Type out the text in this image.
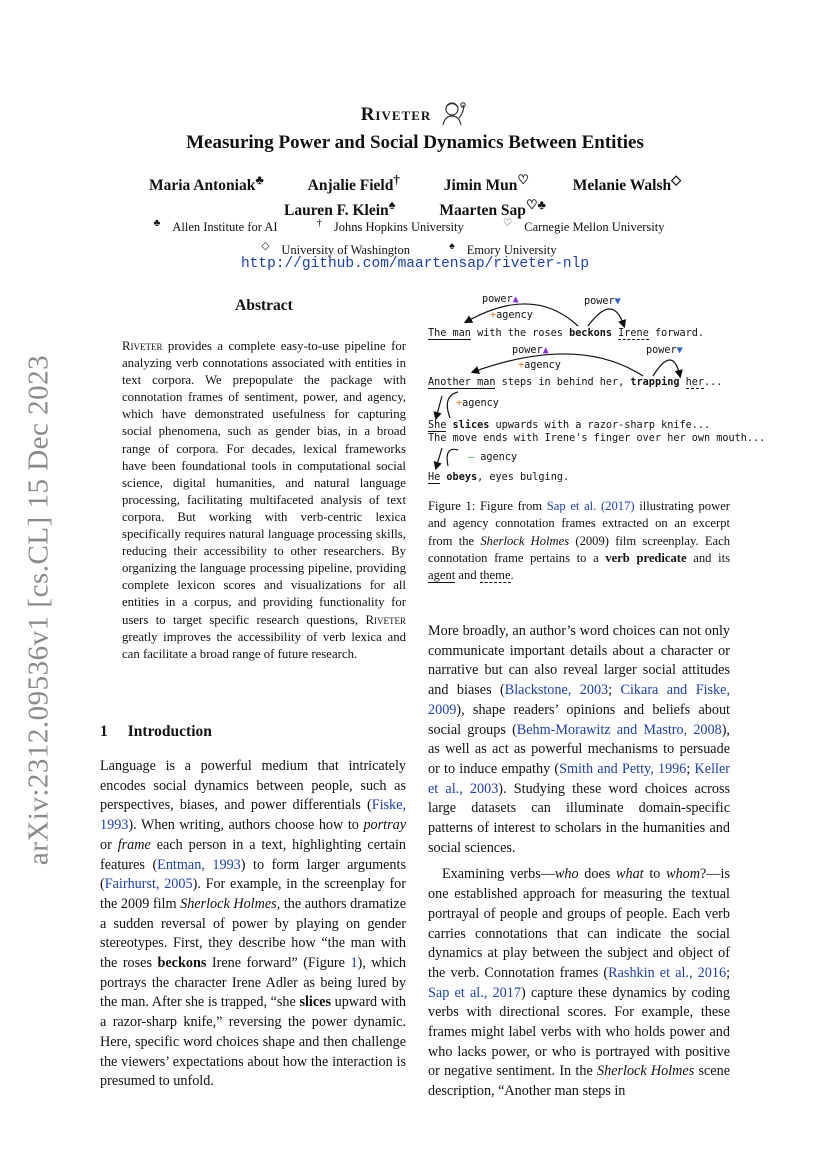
arXiv:2312.09536v1 [cs.CL] 15 Dec 2023
Riveter
Measuring Power and Social Dynamics Between Entities
Maria Antoniak♣	Anjalie Field†	Jimin Mun♡	Melanie Walsh◇
Lauren F. Klein♠	Maarten Sap♡♣
♣ Allen Institute for AI	† Johns Hopkins University	♡ Carnegie Mellon University
◇ University of Washington	♠ Emory University
http://github.com/maartensap/riveter-nlp
Abstract
Riveter provides a complete easy-to-use pipeline for analyzing verb connotations associated with entities in text corpora. We prepopulate the package with connotation frames of sentiment, power, and agency, which have demonstrated usefulness for capturing social phenomena, such as gender bias, in a broad range of corpora. For decades, lexical frameworks have been foundational tools in computational social science, digital humanities, and natural language processing, facilitating multifaceted analysis of text corpora. But working with verb-centric lexica specifically requires natural language processing skills, reducing their accessibility to other researchers. By organizing the language processing pipeline, providing complete lexicon scores and visualizations for all entities in a corpus, and providing functionality for users to target specific research questions, Riveter greatly improves the accessibility of verb lexica and can facilitate a broad range of future research.
1 Introduction

Language is a powerful medium that intricately encodes social dynamics between people, such as perspectives, biases, and power differentials (Fiske, 1993). When writing, authors choose how to portray or frame each person in a text, highlighting certain features (Entman, 1993) to form larger arguments (Fairhurst, 2005). For example, in the screenplay for the 2009 film Sherlock Holmes, the authors dramatize a sudden reversal of power by playing on gender stereotypes. First, they describe how “the man with the roses beckons Irene forward” (Figure 1), which portrays the character Irene Adler as being lured by the man. After she is trapped, “she slices upward with a razor-sharp knife,” reversing the power dynamic. Here, specific word choices shape and then challenge the viewers’ expectations about how the interaction is presumed to unfold.

power▲	power▼
+agency
The man with the roses beckons Irene forward.
power▲	power▼
+agency
Another man steps in behind her, trapping her...
+agency
She slices upwards with a razor-sharp knife...
The move ends with Irene's finger over her own mouth...
— agency
He obeys, eyes bulging.
Figure 1: Figure from Sap et al. (2017) illustrating power and agency connotation frames extracted on an excerpt from the Sherlock Holmes (2009) film screenplay. Each connotation frame pertains to a verb predicate and its agent and theme.

More broadly, an author’s word choices can not only communicate important details about a character or narrative but can also reveal larger social attitudes and biases (Blackstone, 2003; Cikara and Fiske, 2009), shape readers’ opinions and beliefs about social groups (Behm-Morawitz and Mastro, 2008), as well as act as powerful mechanisms to persuade or to induce empathy (Smith and Petty, 1996; Keller et al., 2003). Studying these word choices across large datasets can illuminate domain-specific patterns of interest to scholars in the humanities and social sciences.

Examining verbs—who does what to whom?—is one established approach for measuring the textual portrayal of people and groups of people. Each verb carries connotations that can indicate the social dynamics at play between the subject and object of the verb. Connotation frames (Rashkin et al., 2016; Sap et al., 2017) capture these dynamics by coding verbs with directional scores. For example, these frames might label verbs with who holds power and who lacks power, or who is portrayed with positive or negative sentiment. In the Sherlock Holmes scene description, “Another man steps in
